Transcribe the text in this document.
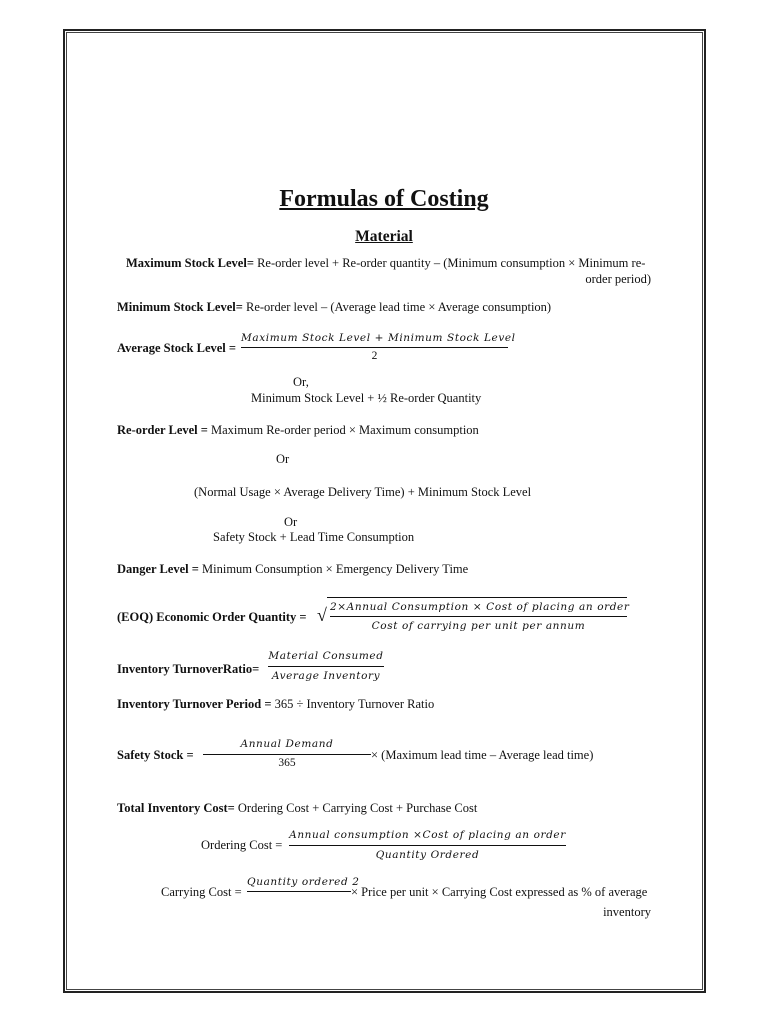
Formulas of Costing
Material
Maximum Stock Level= Re-order level + Re-order quantity – (Minimum consumption × Minimum re-
order period)
Minimum Stock Level= Re-order level – (Average lead time × Average consumption)
Average Stock Level =
Maximum Stock Level + Minimum Stock Level
2
Or,
Minimum Stock Level + ½ Re-order Quantity
Re-order Level = Maximum Re-order period × Maximum consumption
Or
(Normal Usage × Average Delivery Time) + Minimum Stock Level
Or
Safety Stock + Lead Time Consumption
Danger Level = Minimum Consumption × Emergency Delivery Time
(EOQ) Economic Order Quantity = √ 2×Annual Consumption × Cost of placing an order
Cost of carrying per unit per annum
Inventory TurnoverRatio=
Material Consumed
Average Inventory
Inventory Turnover Period = 365 ÷ Inventory Turnover Ratio
Safety Stock =
Annual Demand
365
× (Maximum lead time – Average lead time)
Total Inventory Cost= Ordering Cost + Carrying Cost + Purchase Cost
Ordering Cost =
Annual consumption ×Cost of placing an order
Quantity Ordered
Carrying Cost =
Quantity ordered 2
× Price per unit × Carrying Cost expressed as % of average
inventory
